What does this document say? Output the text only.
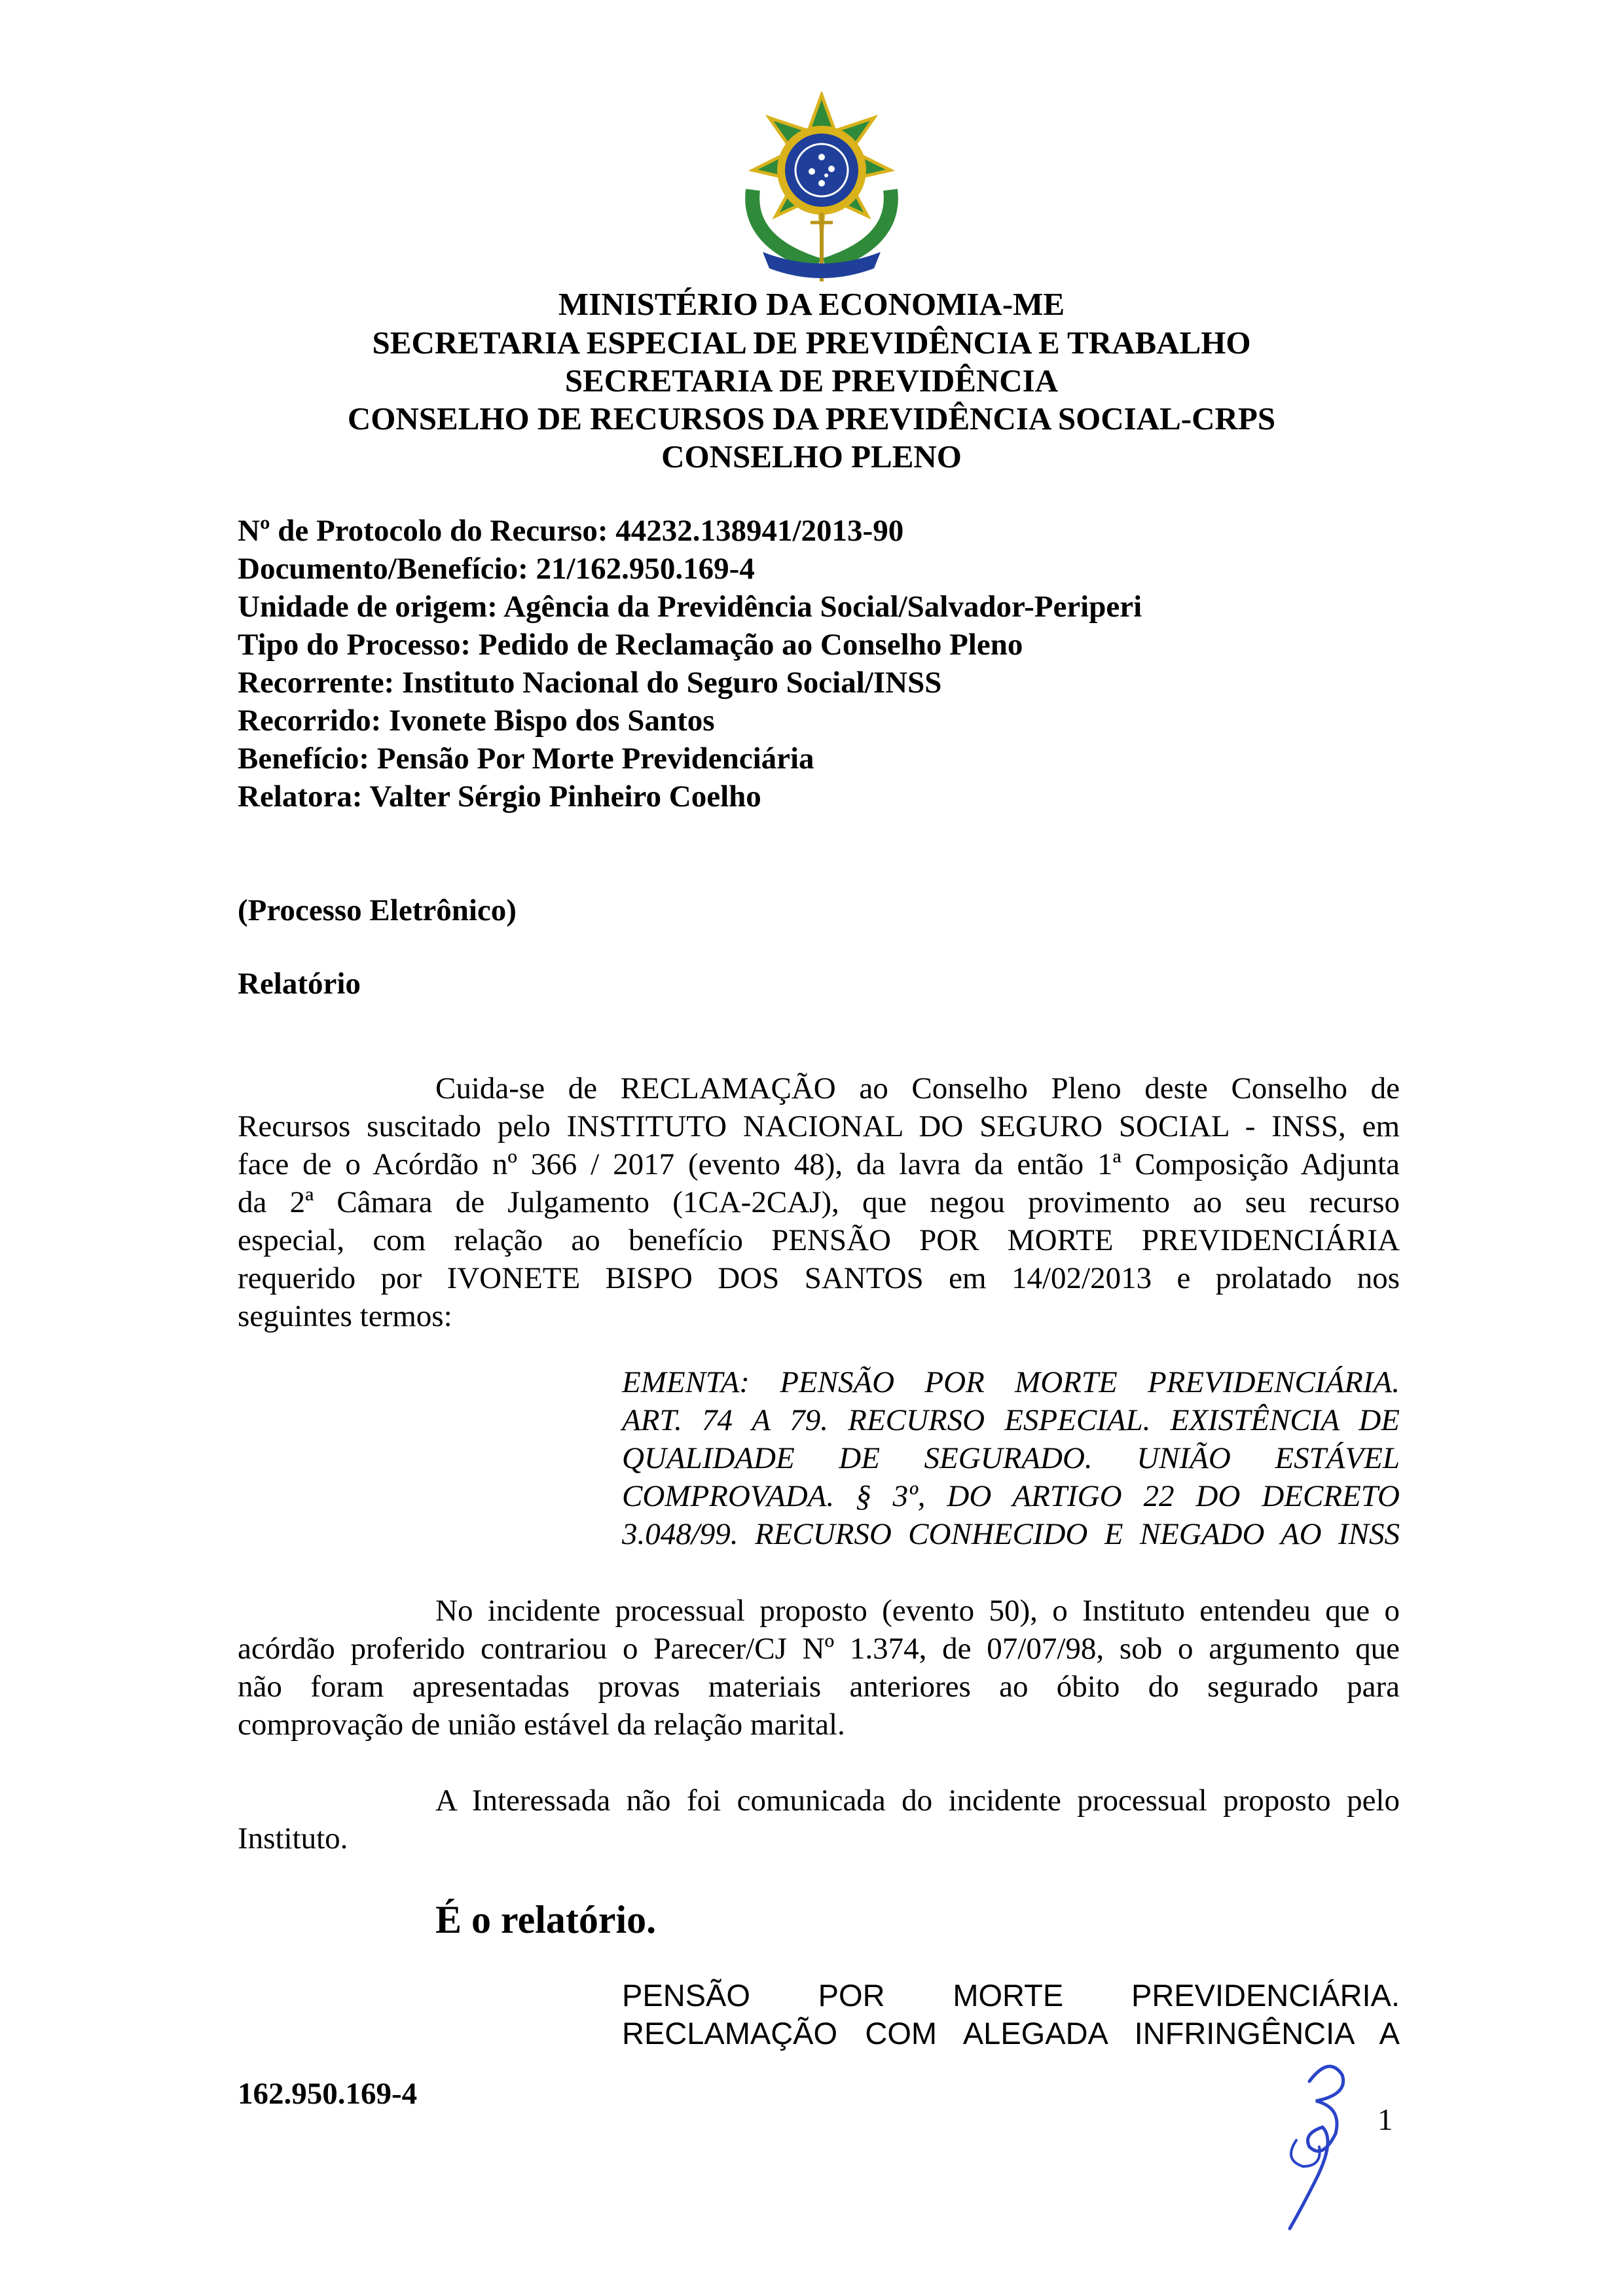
MINISTÉRIO DA ECONOMIA-ME
SECRETARIA ESPECIAL DE PREVIDÊNCIA E TRABALHO
SECRETARIA DE PREVIDÊNCIA
CONSELHO DE RECURSOS DA PREVIDÊNCIA SOCIAL-CRPS
CONSELHO PLENO
Nº de Protocolo do Recurso: 44232.138941/2013-90
Documento/Benefício: 21/162.950.169-4
Unidade de origem: Agência da Previdência Social/Salvador-Periperi
Tipo do Processo: Pedido de Reclamação ao Conselho Pleno
Recorrente: Instituto Nacional do Seguro Social/INSS
Recorrido: Ivonete Bispo dos Santos
Benefício: Pensão Por Morte Previdenciária
Relatora: Valter Sérgio Pinheiro Coelho
(Processo Eletrônico)
Relatório
Cuida-se de RECLAMAÇÃO ao Conselho Pleno deste Conselho de
Recursos suscitado pelo INSTITUTO NACIONAL DO SEGURO SOCIAL - INSS, em
face de o Acórdão nº 366 / 2017 (evento 48), da lavra da então 1ª Composição Adjunta
da 2ª Câmara de Julgamento (1CA-2CAJ), que negou provimento ao seu recurso
especial, com relação ao benefício PENSÃO POR MORTE PREVIDENCIÁRIA
requerido por IVONETE BISPO DOS SANTOS em 14/02/2013 e prolatado nos
seguintes termos:
EMENTA: PENSÃO POR MORTE PREVIDENCIÁRIA.
ART. 74 A 79. RECURSO ESPECIAL. EXISTÊNCIA DE
QUALIDADE DE SEGURADO. UNIÃO ESTÁVEL
COMPROVADA. § 3º, DO ARTIGO 22 DO DECRETO
3.048/99. RECURSO CONHECIDO E NEGADO AO INSS
No incidente processual proposto (evento 50), o Instituto entendeu que o
acórdão proferido contrariou o Parecer/CJ Nº 1.374, de 07/07/98, sob o argumento que
não foram apresentadas provas materiais anteriores ao óbito do segurado para
comprovação de união estável da relação marital.
A Interessada não foi comunicada do incidente processual proposto pelo
Instituto.
É o relatório.
PENSÃO POR MORTE PREVIDENCIÁRIA.
RECLAMAÇÃO COM ALEGADA INFRINGÊNCIA A
162.950.169-4
1
